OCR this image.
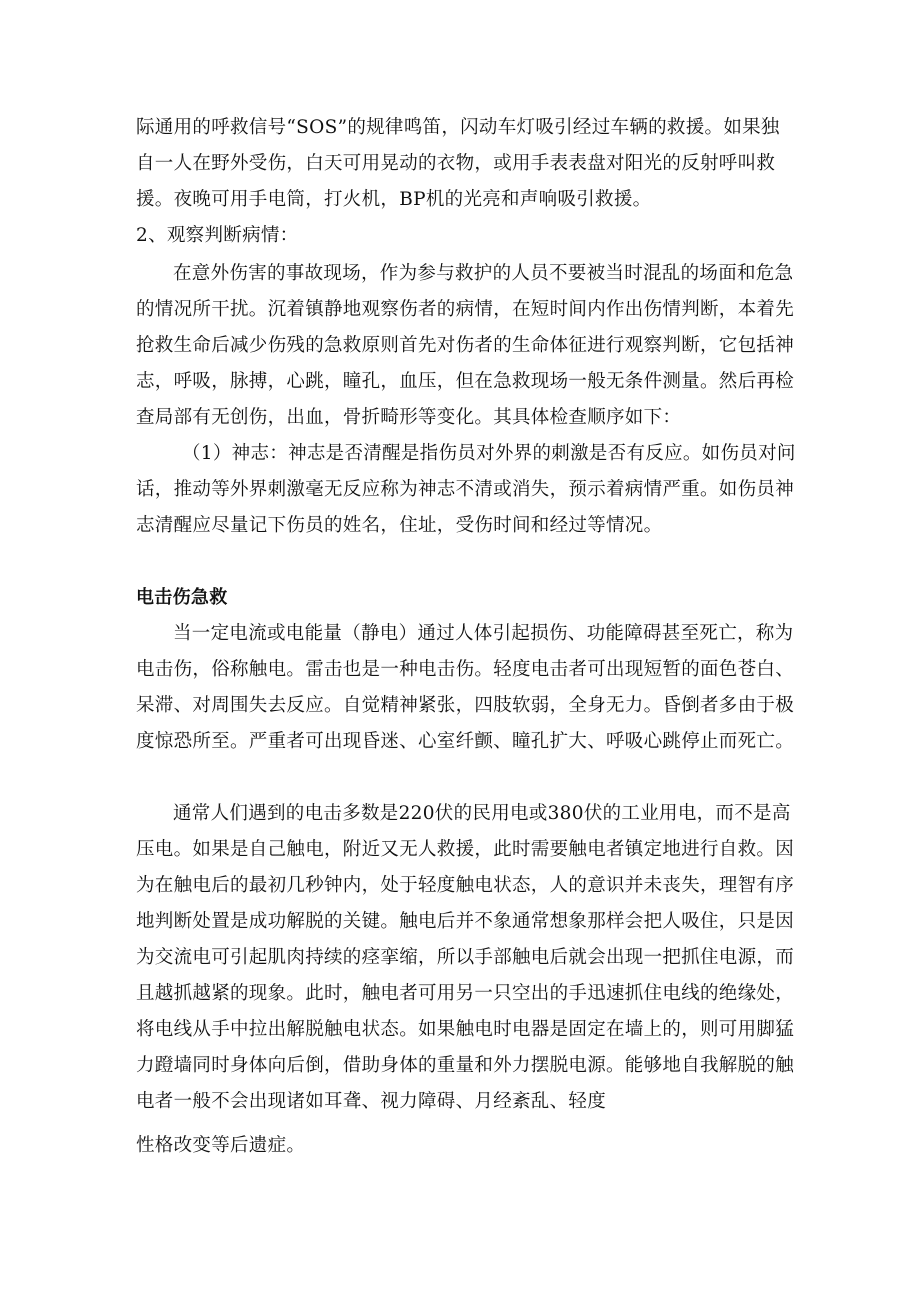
际通用的呼救信号“SOS”的规律鸣笛，闪动车灯吸引经过车辆的救援。如果独
自一人在野外受伤，白天可用晃动的衣物，或用手表表盘对阳光的反射呼叫救
援。夜晚可用手电筒，打火机，BP机的光亮和声响吸引救援。
2、观察判断病情：
在意外伤害的事故现场，作为参与救护的人员不要被当时混乱的场面和危急
的情况所干扰。沉着镇静地观察伤者的病情，在短时间内作出伤情判断，本着先
抢救生命后减少伤残的急救原则首先对伤者的生命体征进行观察判断，它包括神
志，呼吸，脉搏，心跳，瞳孔，血压，但在急救现场一般无条件测量。然后再检
查局部有无创伤，出血，骨折畸形等变化。其具体检查顺序如下：
（1）神志：神志是否清醒是指伤员对外界的刺激是否有反应。如伤员对问
话，推动等外界刺激毫无反应称为神志不清或消失，预示着病情严重。如伤员神
志清醒应尽量记下伤员的姓名，住址，受伤时间和经过等情况。
电击伤急救
当一定电流或电能量（静电）通过人体引起损伤、功能障碍甚至死亡，称为
电击伤，俗称触电。雷击也是一种电击伤。轻度电击者可出现短暂的面色苍白、
呆滞、对周围失去反应。自觉精神紧张，四肢软弱，全身无力。昏倒者多由于极
度惊恐所至。严重者可出现昏迷、心室纤颤、瞳孔扩大、呼吸心跳停止而死亡。
通常人们遇到的电击多数是220伏的民用电或380伏的工业用电，而不是高
压电。如果是自己触电，附近又无人救援，此时需要触电者镇定地进行自救。因
为在触电后的最初几秒钟内，处于轻度触电状态，人的意识并未丧失，理智有序
地判断处置是成功解脱的关键。触电后并不象通常想象那样会把人吸住，只是因
为交流电可引起肌肉持续的痉挛缩，所以手部触电后就会出现一把抓住电源，而
且越抓越紧的现象。此时，触电者可用另一只空出的手迅速抓住电线的绝缘处，
将电线从手中拉出解脱触电状态。如果触电时电器是固定在墙上的，则可用脚猛
力蹬墙同时身体向后倒，借助身体的重量和外力摆脱电源。能够地自我解脱的触
电者一般不会出现诸如耳聋、视力障碍、月经紊乱、轻度
性格改变等后遗症。
